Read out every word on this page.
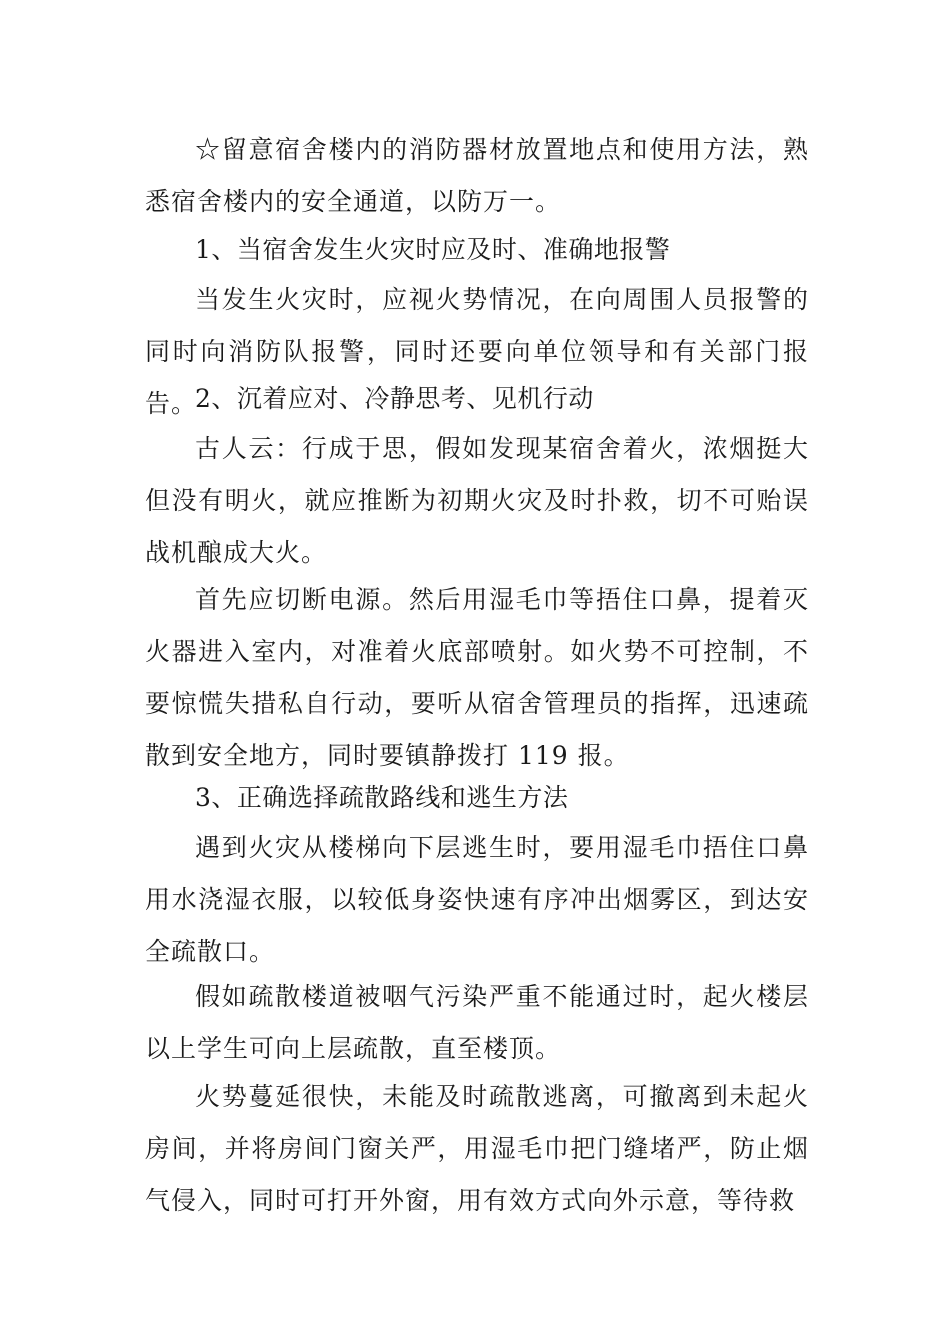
☆留意宿舍楼内的消防器材放置地点和使用方法，熟悉宿舍楼内的安全通道，以防万一。

1、当宿舍发生火灾时应及时、准确地报警

当发生火灾时，应视火势情况，在向周围人员报警的同时向消防队报警，同时还要向单位领导和有关部门报告。

2、沉着应对、冷静思考、见机行动

古人云：行成于思，假如发现某宿舍着火，浓烟挺大但没有明火，就应推断为初期火灾及时扑救，切不可贻误战机酿成大火。

首先应切断电源。然后用湿毛巾等捂住口鼻，提着灭火器进入室内，对准着火底部喷射。如火势不可控制，不要惊慌失措私自行动，要听从宿舍管理员的指挥，迅速疏散到安全地方，同时要镇静拨打 119 报。

3、正确选择疏散路线和逃生方法

遇到火灾从楼梯向下层逃生时，要用湿毛巾捂住口鼻用水浇湿衣服，以较低身姿快速有序冲出烟雾区，到达安全疏散口。

假如疏散楼道被咽气污染严重不能通过时，起火楼层以上学生可向上层疏散，直至楼顶。

火势蔓延很快，未能及时疏散逃离，可撤离到未起火房间，并将房间门窗关严，用湿毛巾把门缝堵严，防止烟气侵入，同时可打开外窗，用有效方式向外示意，等待救
